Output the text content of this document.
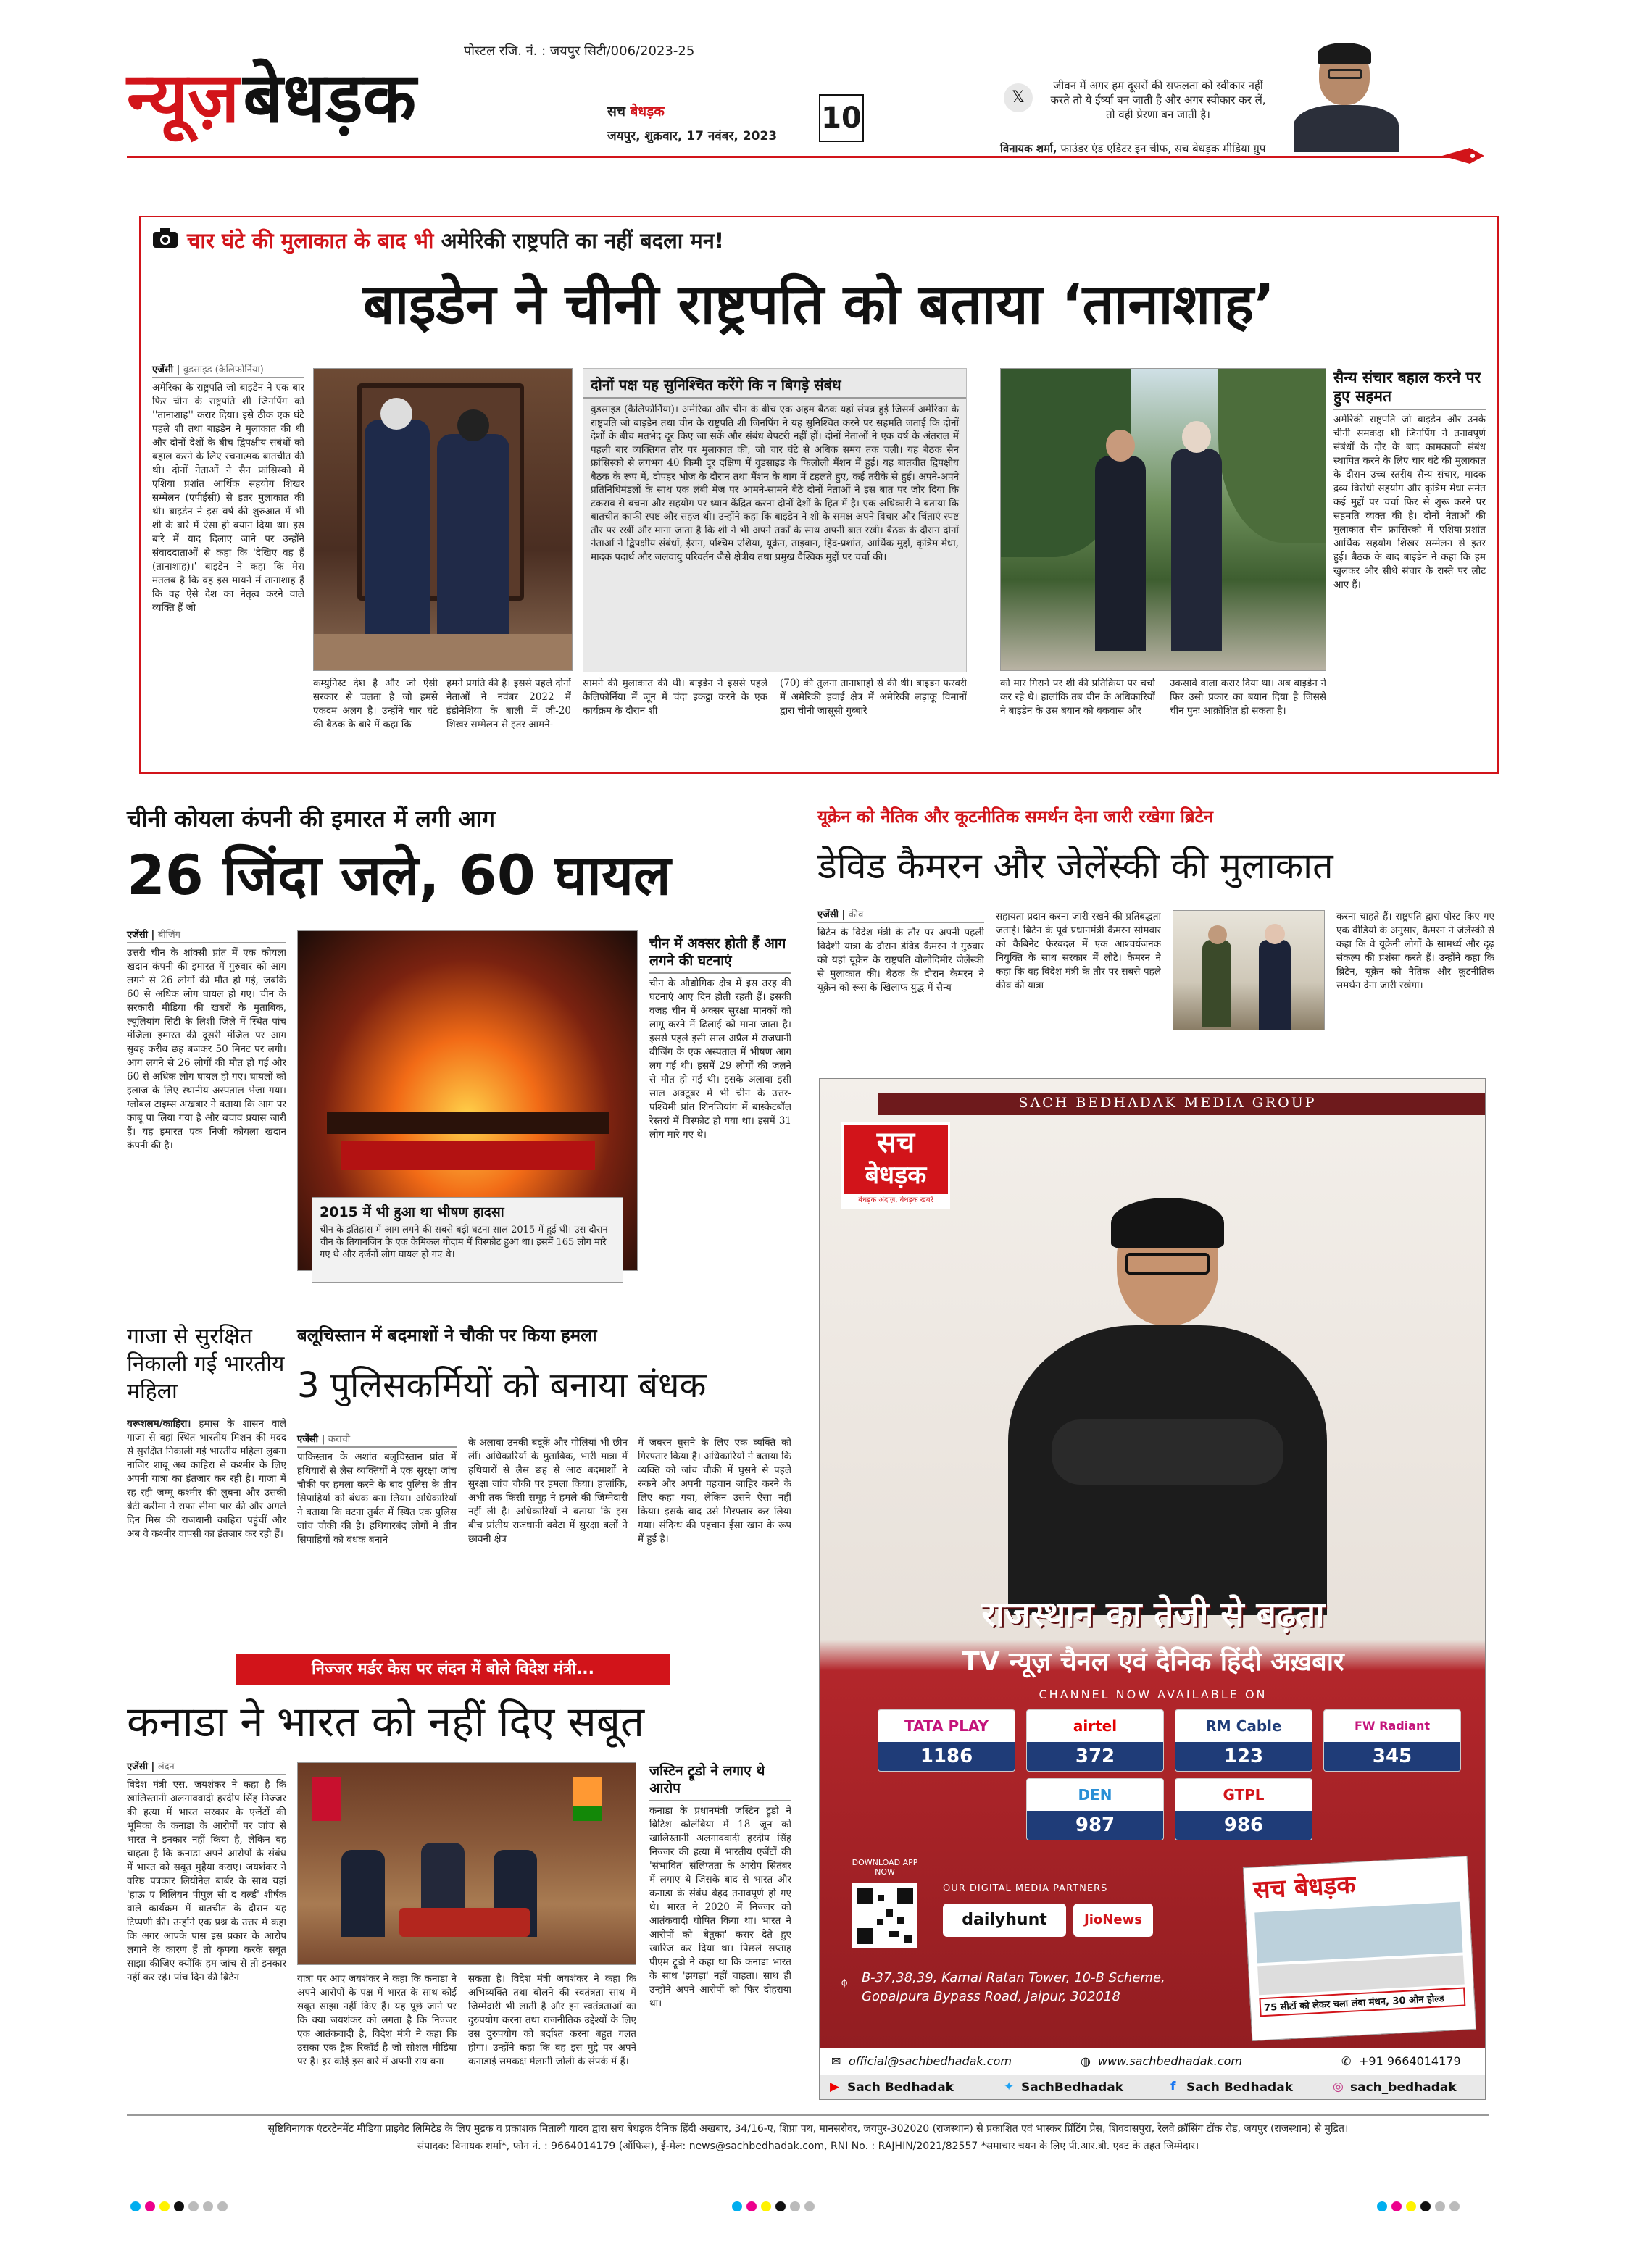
पोस्टल रजि. नं. : जयपुर सिटी/006/2023-25
न्यूज़ बेधड़क	सच बेधड़क
जयपुर, शुक्रवार, 17 नवंबर, 2023
10
𝕏
जीवन में अगर हम दूसरों की सफलता को स्वीकार नहीं करते तो ये ईर्ष्या बन जाती है और अगर स्वीकार कर लें, तो वही प्रेरणा बन जाती है।
विनायक शर्मा, फाउंडर एंड एडिटर इन चीफ, सच बेधड़क मीडिया ग्रुप
चार घंटे की मुलाकात के बाद भी अमेरिकी राष्ट्रपति का नहीं बदला मन!
बाइडेन ने चीनी राष्ट्रपति को बताया ‘तानाशाह’
एजेंसी | वुडसाइड (कैलिफोर्निया)
अमेरिका के राष्ट्रपति जो बाइडेन ने एक बार फिर चीन के राष्ट्रपति शी जिनपिंग को ''तानाशाह'' करार दिया। इसे ठीक एक घंटे पहले शी तथा बाइडेन ने मुलाकात की थी और दोनों देशों के बीच द्विपक्षीय संबंधों को बहाल करने के लिए रचनात्मक बातचीत की थी। दोनों नेताओं ने सैन फ्रांसिस्को में एशिया प्रशांत आर्थिक सहयोग शिखर सम्मेलन (एपीईसी) से इतर मुलाकात की थी। बाइडेन ने इस वर्ष की शुरुआत में भी शी के बारे में ऐसा ही बयान दिया था। इस बारे में याद दिलाए जाने पर उन्होंने संवाददाताओं से कहा कि 'देखिए वह हैं (तानाशाह)।' बाइडेन ने कहा कि मेरा मतलब है कि वह इस मायने में तानाशाह हैं कि वह ऐसे देश का नेतृत्व करने वाले व्यक्ति हैं जो
कम्युनिस्ट देश है और जो ऐसी सरकार से चलता है जो हमसे एकदम अलग है। उन्होंने चार घंटे की बैठक के बारे में कहा कि
हमने प्रगति की है। इससे पहले दोनों नेताओं ने नवंबर 2022 में इंडोनेशिया के बाली में जी-20 शिखर सम्मेलन से इतर आमने-
दोनों पक्ष यह सुनिश्चित करेंगे कि न बिगड़े संबंध
वुडसाइड (कैलिफोर्निया)। अमेरिका और चीन के बीच एक अहम बैठक यहां संपन्न हुई जिसमें अमेरिका के राष्ट्रपति जो बाइडेन तथा चीन के राष्ट्रपति शी जिनपिंग ने यह सुनिश्चित करने पर सहमति जताई कि दोनों देशों के बीच मतभेद दूर किए जा सकें और संबंध बेपटरी नहीं हों। दोनों नेताओं ने एक वर्ष के अंतराल में पहली बार व्यक्तिगत तौर पर मुलाकात की, जो चार घंटे से अधिक समय तक चली। यह बैठक सैन फ्रांसिस्को से लगभग 40 किमी दूर दक्षिण में वुडसाइड के फिलोली मैंशन में हुई। यह बातचीत द्विपक्षीय बैठक के रूप में, दोपहर भोज के दौरान तथा मैंशन के बाग में टहलते हुए, कई तरीके से हुई। अपने-अपने प्रतिनिधिमंडलों के साथ एक लंबी मेज पर आमने-सामने बैठे दोनों नेताओं ने इस बात पर जोर दिया कि टकराव से बचना और सहयोग पर ध्यान केंद्रित करना दोनों देशों के हित में है। एक अधिकारी ने बताया कि बातचीत काफी स्पष्ट और सहज थी। उन्होंने कहा कि बाइडेन ने शी के समक्ष अपने विचार और चिंताएं स्पष्ट तौर पर रखीं और माना जाता है कि शी ने भी अपने तर्कों के साथ अपनी बात रखी। बैठक के दौरान दोनों नेताओं ने द्विपक्षीय संबंधों, ईरान, पश्चिम एशिया, यूक्रेन, ताइवान, हिंद-प्रशांत, आर्थिक मुद्दों, कृत्रिम मेधा, मादक पदार्थ और जलवायु परिवर्तन जैसे क्षेत्रीय तथा प्रमुख वैश्विक मुद्दों पर चर्चा की।
सामने की मुलाकात की थी। बाइडेन ने इससे पहले कैलिफोर्निया में जून में चंदा इकट्ठा करने के एक कार्यक्रम के दौरान शी
(70) की तुलना तानाशाहों से की थी। बाइडन फरवरी में अमेरिकी हवाई क्षेत्र में अमेरिकी लड़ाकू विमानों द्वारा चीनी जासूसी गुब्बारे
को मार गिराने पर शी की प्रतिक्रिया पर चर्चा कर रहे थे। हालांकि तब चीन के अधिकारियों ने बाइडेन के उस बयान को बकवास और
उकसावे वाला करार दिया था। अब बाइडेन ने फिर उसी प्रकार का बयान दिया है जिससे चीन पुनः आक्रोशित हो सकता है।
सैन्य संचार बहाल करने पर हुए सहमत
अमेरिकी राष्ट्रपति जो बाइडेन और उनके चीनी समकक्ष शी जिनपिंग ने तनावपूर्ण संबंधों के दौर के बाद कामकाजी संबंध स्थापित करने के लिए चार घंटे की मुलाकात के दौरान उच्च स्तरीय सैन्य संचार, मादक द्रव्य विरोधी सहयोग और कृत्रिम मेधा समेत कई मुद्दों पर चर्चा फिर से शुरू करने पर सहमति व्यक्त की है। दोनों नेताओं की मुलाकात सैन फ्रांसिस्को में एशिया-प्रशांत आर्थिक सहयोग शिखर सम्मेलन से इतर हुई। बैठक के बाद बाइडेन ने कहा कि हम खुलकर और सीधे संचार के रास्ते पर लौट आए हैं।
चीनी कोयला कंपनी की इमारत में लगी आग
26 जिंदा जले, 60 घायल
एजेंसी | बीजिंग
उत्तरी चीन के शांक्सी प्रांत में एक कोयला खदान कंपनी की इमारत में गुरुवार को आग लगने से 26 लोगों की मौत हो गई, जबकि 60 से अधिक लोग घायल हो गए। चीन के सरकारी मीडिया की खबरों के मुताबिक, ल्यूलियांग सिटी के लिशी जिले में स्थित पांच मंजिला इमारत की दूसरी मंजिल पर आग सुबह करीब छह बजकर 50 मिनट पर लगी। आग लगने से 26 लोगों की मौत हो गई और 60 से अधिक लोग घायल हो गए। घायलों को इलाज के लिए स्थानीय अस्पताल भेजा गया। ग्लोबल टाइम्स अखबार ने बताया कि आग पर काबू पा लिया गया है और बचाव प्रयास जारी हैं। यह इमारत एक निजी कोयला खदान कंपनी की है।
2015 में भी हुआ था भीषण हादसा
चीन के इतिहास में आग लगने की सबसे बड़ी घटना साल 2015 में हुई थी। उस दौरान चीन के तियानजिन के एक केमिकल गोदाम में विस्फोट हुआ था। इसमें 165 लोग मारे गए थे और दर्जनों लोग घायल हो गए थे।
चीन में अक्सर होती हैं आग लगने की घटनाएं
चीन के औद्योगिक क्षेत्र में इस तरह की घटनाएं आए दिन होती रहती हैं। इसकी वजह चीन में अक्सर सुरक्षा मानकों को लागू करने में ढिलाई को माना जाता है। इससे पहले इसी साल अप्रैल में राजधानी बीजिंग के एक अस्पताल में भीषण आग लग गई थी। इसमें 29 लोगों की जलने से मौत हो गई थी। इसके अलावा इसी साल अक्टूबर में भी चीन के उत्तर-पश्चिमी प्रांत शिनजियांग में बास्केटबॉल रेस्तरां में विस्फोट हो गया था। इसमें 31 लोग मारे गए थे।
यूक्रेन को नैतिक और कूटनीतिक समर्थन देना जारी रखेगा ब्रिटेन
डेविड कैमरन और जेलेंस्की की मुलाकात
एजेंसी | कीव
ब्रिटेन के विदेश मंत्री के तौर पर अपनी पहली विदेशी यात्रा के दौरान डेविड कैमरन ने गुरुवार को यहां यूक्रेन के राष्ट्रपति वोलोदिमीर जेलेंस्की से मुलाकात की। बैठक के दौरान कैमरन ने यूक्रेन को रूस के खिलाफ युद्ध में सैन्य
सहायता प्रदान करना जारी रखने की प्रतिबद्धता जताई। ब्रिटेन के पूर्व प्रधानमंत्री कैमरन सोमवार को कैबिनेट फेरबदल में एक आश्चर्यजनक नियुक्ति के साथ सरकार में लौटे। कैमरन ने कहा कि वह विदेश मंत्री के तौर पर सबसे पहले कीव की यात्रा
करना चाहते हैं। राष्ट्रपति द्वारा पोस्ट किए गए एक वीडियो के अनुसार, कैमरन ने जेलेंस्की से कहा कि वे यूक्रेनी लोगों के सामर्थ्य और दृढ़ संकल्प की प्रशंसा करते हैं। उन्होंने कहा कि ब्रिटेन, यूक्रेन को नैतिक और कूटनीतिक समर्थन देना जारी रखेगा।
गाजा से सुरक्षित निकाली गई भारतीय महिला
यरूशलम/काहिरा। हमास के शासन वाले गाजा से वहां स्थित भारतीय मिशन की मदद से सुरक्षित निकाली गई भारतीय महिला लुबना नाजिर शाबू अब काहिरा से कश्मीर के लिए अपनी यात्रा का इंतजार कर रही है। गाजा में रह रही जम्मू कश्मीर की लुबना और उसकी बेटी करीमा ने राफा सीमा पार की और अगले दिन मिस्र की राजधानी काहिरा पहुंचीं और अब वे कश्मीर वापसी का इंतजार कर रही हैं।
बलूचिस्तान में बदमाशों ने चौकी पर किया हमला
3 पुलिसकर्मियों को बनाया बंधक
एजेंसी | कराची
पाकिस्तान के अशांत बलूचिस्तान प्रांत में हथियारों से लैस व्यक्तियों ने एक सुरक्षा जांच चौकी पर हमला करने के बाद पुलिस के तीन सिपाहियों को बंधक बना लिया। अधिकारियों ने बताया कि घटना तुर्बत में स्थित एक पुलिस जांच चौकी की है। हथियारबंद लोगों ने तीन सिपाहियों को बंधक बनाने
के अलावा उनकी बंदूकें और गोलियां भी छीन लीं। अधिकारियों के मुताबिक, भारी मात्रा में हथियारों से लैस छह से आठ बदमाशों ने सुरक्षा जांच चौकी पर हमला किया। हालांकि, अभी तक किसी समूह ने हमले की जिम्मेदारी नहीं ली है। अधिकारियों ने बताया कि इस बीच प्रांतीय राजधानी क्वेटा में सुरक्षा बलों ने छावनी क्षेत्र
में जबरन घुसने के लिए एक व्यक्ति को गिरफ्तार किया है। अधिकारियों ने बताया कि व्यक्ति को जांच चौकी में घुसने से पहले रुकने और अपनी पहचान जाहिर करने के लिए कहा गया, लेकिन उसने ऐसा नहीं किया। इसके बाद उसे गिरफ्तार कर लिया गया। संदिग्ध की पहचान ईसा खान के रूप में हुई है।
निज्जर मर्डर केस पर लंदन में बोले विदेश मंत्री...
कनाडा ने भारत को नहीं दिए सबूत
एजेंसी | लंदन
विदेश मंत्री एस. जयशंकर ने कहा है कि खालिस्तानी अलगाववादी हरदीप सिंह निज्जर की हत्या में भारत सरकार के एजेंटों की भूमिका के कनाडा के आरोपों पर जांच से भारत ने इनकार नहीं किया है, लेकिन वह चाहता है कि कनाडा अपने आरोपों के संबंध में भारत को सबूत मुहैया कराए। जयशंकर ने वरिष्ठ पत्रकार लियोनेल बार्बर के साथ यहां 'हाऊ ए बिलियन पीपुल सी द वर्ल्ड' शीर्षक वाले कार्यक्रम में बातचीत के दौरान यह टिप्पणी की। उन्होंने एक प्रश्न के उत्तर में कहा कि अगर आपके पास इस प्रकार के आरोप लगाने के कारण हैं तो कृपया करके सबूत साझा कीजिए क्योंकि हम जांच से तो इनकार नहीं कर रहे। पांच दिन की ब्रिटेन	यात्रा पर आए जयशंकर ने कहा कि कनाडा ने अपने आरोपों के पक्ष में भारत के साथ कोई सबूत साझा नहीं किए हैं। यह पूछे जाने पर कि क्या जयशंकर को लगता है कि निज्जर एक आतंकवादी है, विदेश मंत्री ने कहा कि उसका एक ट्रैक रिकॉर्ड है जो सोशल मीडिया पर है। हर कोई इस बारे में अपनी राय बना
सकता है। विदेश मंत्री जयशंकर ने कहा कि अभिव्यक्ति तथा बोलने की स्वतंत्रता साथ में जिम्मेदारी भी लाती है और इन स्वतंत्रताओं का दुरुपयोग करना तथा राजनीतिक उद्देश्यों के लिए उस दुरुपयोग को बर्दाश्त करना बहुत गलत होगा। उन्होंने कहा कि वह इस मुद्दे पर अपने कनाडाई समकक्ष मेलानी जोली के संपर्क में हैं।
जस्टिन ट्रूडो ने लगाए थे आरोप
कनाडा के प्रधानमंत्री जस्टिन ट्रूडो ने ब्रिटिश कोलंबिया में 18 जून को खालिस्तानी अलगाववादी हरदीप सिंह निज्जर की हत्या में भारतीय एजेंटों की 'संभावित' संलिप्तता के आरोप सितंबर में लगाए थे जिसके बाद से भारत और कनाडा के संबंध बेहद तनावपूर्ण हो गए थे। भारत ने 2020 में निज्जर को आतंकवादी घोषित किया था। भारत ने आरोपों को 'बेतुका' करार देते हुए खारिज कर दिया था। पिछले सप्ताह पीएम ट्रूडो ने कहा था कि कनाडा भारत के साथ 'झगड़ा' नहीं चाहता। साथ ही उन्होंने अपने आरोपों को फिर दोहराया था।
SACH BEDHADAK MEDIA GROUP
सच
बेधड़क
बेधड़क अंदाज़, बेधड़क खबरें
राजस्थान का तेजी से बढ़ता
TV न्यूज़ चैनल एवं दैनिक हिंदी अख़बार
CHANNEL NOW AVAILABLE ON
TATA PLAY
1186
airtel
372
RM Cable
123
FW Radiant
345
DEN
987
GTPL
986
DOWNLOAD APP NOW
OUR DIGITAL MEDIA PARTNERS
dailyhunt	JioNews
⌖ B-37,38,39, Kamal Ratan Tower, 10-B Scheme, Gopalpura Bypass Road, Jaipur, 302018
सच बेधड़क
75 सीटों को लेकर चला लंबा मंथन, 30 ओन होल्ड
✉ official@sachbedhadak.com	◍ www.sachbedhadak.com	✆ +91 9664014179
▶ Sach Bedhadak	✦ SachBedhadak	f Sach Bedhadak	◎ sach_bedhadak
सृष्टिविनायक एंटरटेनमेंट मीडिया प्राइवेट लिमिटेड के लिए मुद्रक व प्रकाशक मिताली यादव द्वारा सच बेधड़क दैनिक हिंदी अखबार, 34/16-ए, शिप्रा पथ, मानसरोवर, जयपुर-302020 (राजस्थान) से प्रकाशित एवं भास्कर प्रिंटिंग प्रेस, शिवदासपुरा, रेलवे क्रॉसिंग टोंक रोड, जयपुर (राजस्थान) से मुद्रित।
संपादक: विनायक शर्मा*, फोन नं. : 9664014179 (ऑफिस), ई-मेल: news@sachbedhadak.com, RNI No. : RAJHIN/2021/82557 *समाचार चयन के लिए पी.आर.बी. एक्ट के तहत जिम्मेदार।
